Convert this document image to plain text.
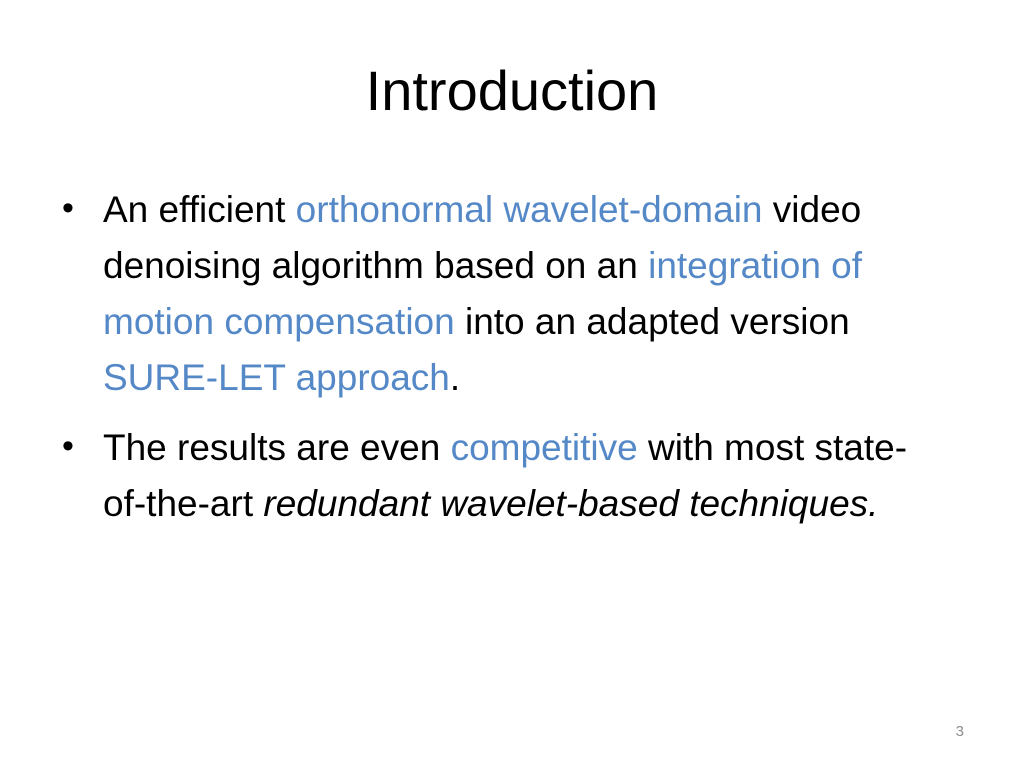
Introduction
• An efficient orthonormal wavelet-domain video denoising algorithm based on an integration of motion compensation into an adapted version SURE-LET approach.
• The results are even competitive with most state-of-the-art redundant wavelet-based techniques.
3
